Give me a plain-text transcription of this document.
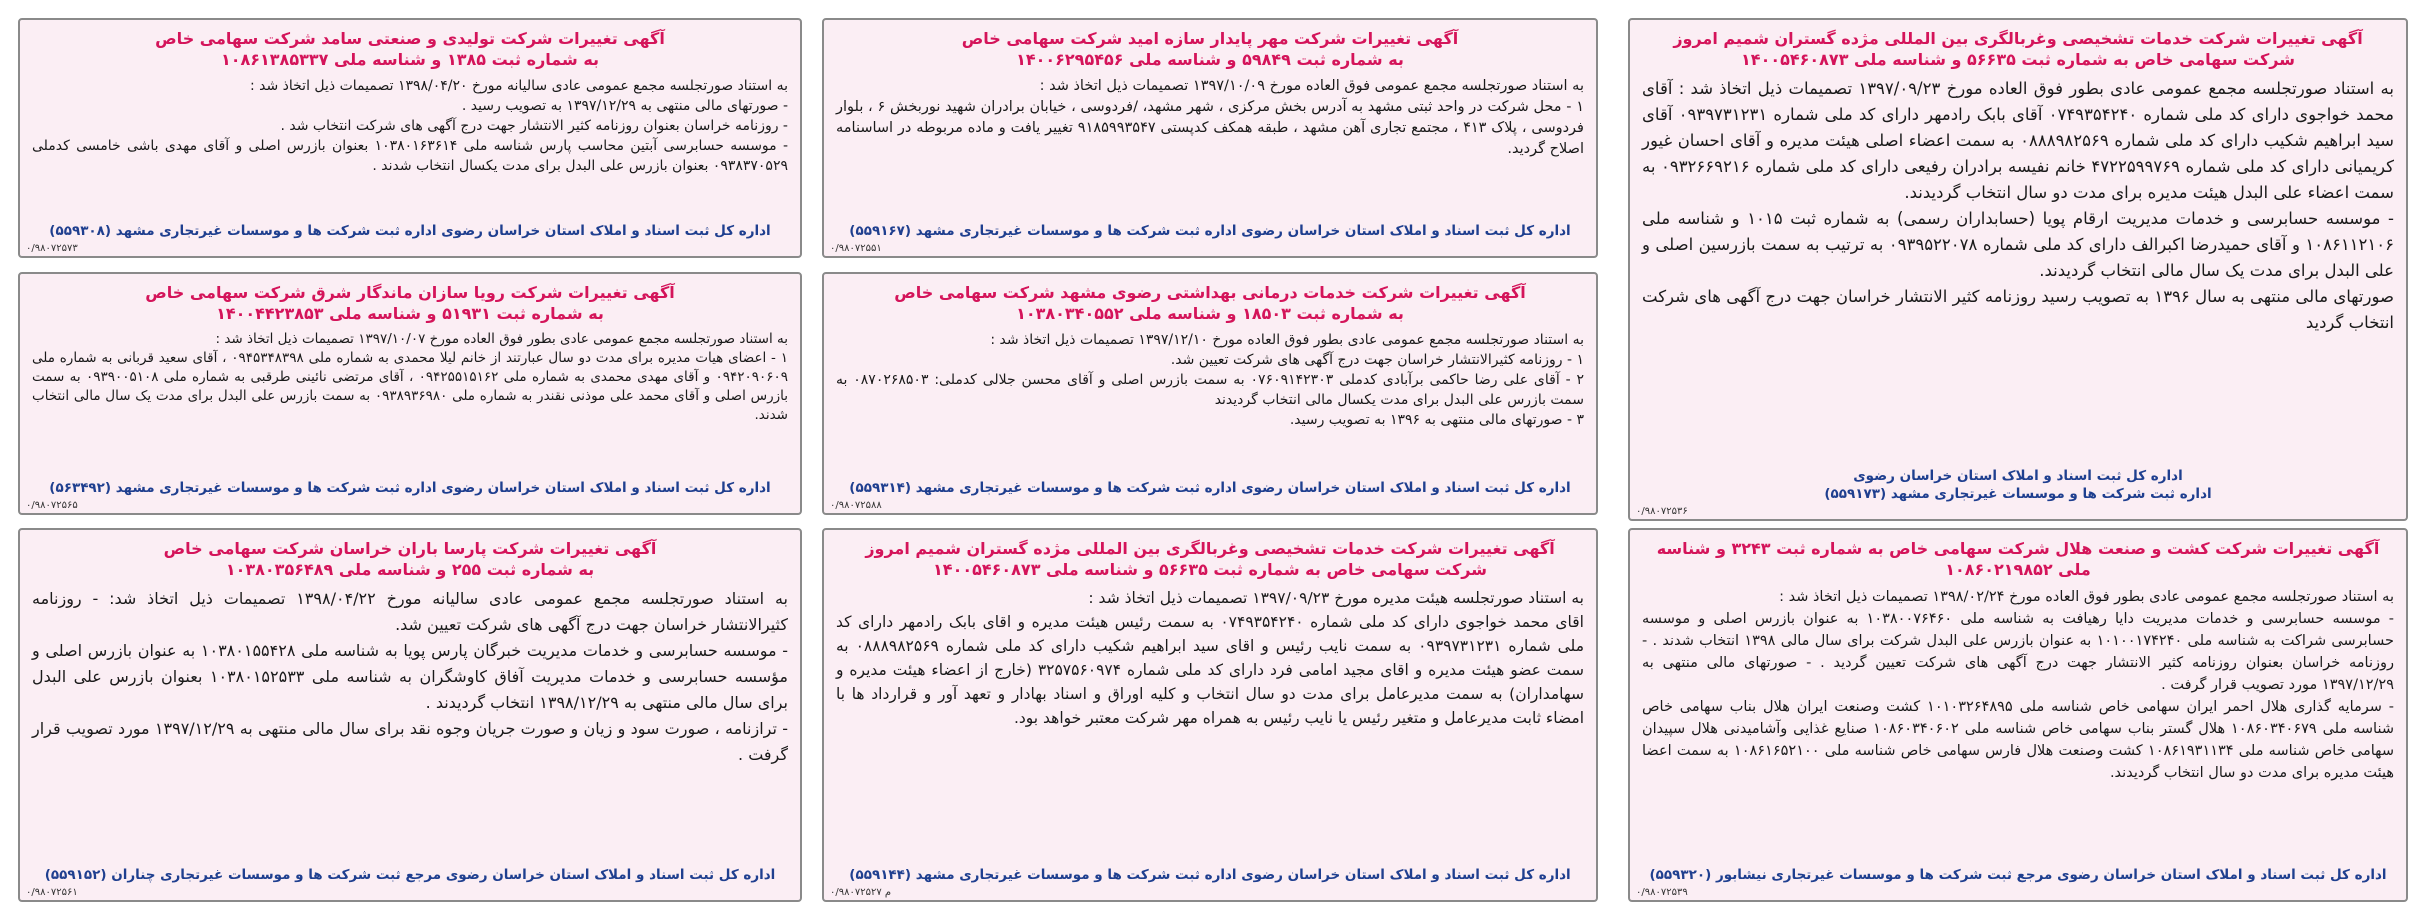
آگهی تغییرات شرکت خدمات تشخیصی وغربالگری بین المللی مژده گستران شمیم امروز
شرکت سهامی خاص به شماره ثبت ۵۶۶۳۵ و شناسه ملی ۱۴۰۰۵۴۶۰۸۷۳
به استناد صورتجلسه مجمع عمومی عادی بطور فوق العاده مورخ ۱۳۹۷/۰۹/۲۳ تصمیمات ذیل اتخاذ شد : آقای محمد خواجوی دارای کد ملی شماره ۰۷۴۹۳۵۴۲۴۰ آقای بابک رادمهر دارای کد ملی شماره ۰۹۳۹۷۳۱۲۳۱ آقای سید ابراهیم شکیب دارای کد ملی شماره ۰۸۸۸۹۸۲۵۶۹ به سمت اعضاء اصلی هیئت مدیره و آقای احسان غیور کریمیانی دارای کد ملی شماره ۴۷۲۲۵۹۹۷۶۹ خانم نفیسه برادران رفیعی دارای کد ملی شماره ۰۹۳۲۶۶۹۲۱۶ به سمت اعضاء علی البدل هیئت مدیره برای مدت دو سال انتخاب گردیدند.
- موسسه حسابرسی و خدمات مدیریت ارقام پویا (حسابداران رسمی) به شماره ثبت ۱۰۱۵ و شناسه ملی ۱۰۸۶۱۱۲۱۰۶ و آقای حمیدرضا اکبرالف دارای کد ملی شماره ۰۹۳۹۵۲۲۰۷۸ به ترتیب به سمت بازرسین اصلی و علی البدل برای مدت یک سال مالی انتخاب گردیدند.
صورتهای مالی منتهی به سال ۱۳۹۶ به تصویب رسید روزنامه کثیر الانتشار خراسان جهت درج آگهی های شرکت انتخاب گردید
اداره کل ثبت اسناد و املاک استان خراسان رضوی
اداره ثبت شرکت ها و موسسات غیرتجاری مشهد (۵۵۹۱۷۳)
۰/۹۸۰۷۲۵۳۶
آگهی تغییرات شرکت مهر پایدار سازه امید شرکت سهامی خاص
به شماره ثبت ۵۹۸۴۹ و شناسه ملی ۱۴۰۰۶۲۹۵۴۵۶
به استناد صورتجلسه مجمع عمومی فوق العاده مورخ ۱۳۹۷/۱۰/۰۹ تصمیمات ذیل اتخاذ شد :
۱ - محل شرکت در واحد ثبتی مشهد به آدرس بخش مرکزی ، شهر مشهد، /فردوسی ، خیابان برادران شهید نوربخش ۶ ، بلوار فردوسی ، پلاک ۴۱۳ ، مجتمع تجاری آهن مشهد ، طبقه همکف کدپستی ۹۱۸۵۹۹۳۵۴۷ تغییر یافت و ماده مربوطه در اساسنامه اصلاح گردید.
اداره کل ثبت اسناد و املاک استان خراسان رضوی اداره ثبت شرکت ها و موسسات غیرتجاری مشهد (۵۵۹۱۶۷)
۰/۹۸۰۷۲۵۵۱
آگهی تغییرات شرکت تولیدی و صنعتی سامد شرکت سهامی خاص
به شماره ثبت ۱۳۸۵ و شناسه ملی ۱۰۸۶۱۳۸۵۳۳۷
به استناد صورتجلسه مجمع عمومی عادی سالیانه مورخ ۱۳۹۸/۰۴/۲۰ تصمیمات ذیل اتخاذ شد :
- صورتهای مالی منتهی به ۱۳۹۷/۱۲/۲۹ به تصویب رسید .
- روزنامه خراسان بعنوان روزنامه کثیر الانتشار جهت درج آگهی های شرکت انتخاب شد .
- موسسه حسابرسی آبتین محاسب پارس شناسه ملی ۱۰۳۸۰۱۶۳۶۱۴ بعنوان بازرس اصلی و آقای مهدی باشی خامسی کدملی ۰۹۳۸۳۷۰۵۲۹ بعنوان بازرس علی البدل برای مدت یکسال انتخاب شدند .
اداره کل ثبت اسناد و املاک استان خراسان رضوی اداره ثبت شرکت ها و موسسات غیرتجاری مشهد (۵۵۹۳۰۸)
۰/۹۸۰۷۲۵۷۳
آگهی تغییرات شرکت خدمات درمانی بهداشتی رضوی مشهد شرکت سهامی خاص
به شماره ثبت ۱۸۵۰۳ و شناسه ملی ۱۰۳۸۰۳۴۰۵۵۲
به استناد صورتجلسه مجمع عمومی عادی بطور فوق العاده مورخ ۱۳۹۷/۱۲/۱۰ تصمیمات ذیل اتخاذ شد :
۱ - روزنامه کثیرالانتشار خراسان جهت درج آگهی های شرکت تعیین شد.
۲ - آقای علی رضا حاکمی برآبادی کدملی ۰۷۶۰۹۱۴۲۳۰۳ به سمت بازرس اصلی و آقای محسن جلالی کدملی: ۰۸۷۰۲۶۸۵۰۳ به سمت بازرس علی البدل برای مدت یکسال مالی انتخاب گردیدند
۳ - صورتهای مالی منتهی به ۱۳۹۶ به تصویب رسید.
اداره کل ثبت اسناد و املاک استان خراسان رضوی اداره ثبت شرکت ها و موسسات غیرتجاری مشهد (۵۵۹۳۱۴)
۰/۹۸۰۷۲۵۸۸
آگهی تغییرات شرکت رویا سازان ماندگار شرق شرکت سهامی خاص
به شماره ثبت ۵۱۹۳۱ و شناسه ملی ۱۴۰۰۴۴۲۳۸۵۳
به استناد صورتجلسه مجمع عمومی عادی بطور فوق العاده مورخ ۱۳۹۷/۱۰/۰۷ تصمیمات ذیل اتخاذ شد :
۱ - اعضای هیات مدیره برای مدت دو سال عبارتند از خانم لیلا محمدی به شماره ملی ۰۹۴۵۳۴۸۳۹۸ ، آقای سعید قربانی به شماره ملی ۰۹۴۲۰۹۰۶۰۹ و آقای مهدی محمدی به شماره ملی ۰۹۴۲۵۵۱۵۱۶۲ ، آقای مرتضی نائینی طرقبی به شماره ملی ۰۹۳۹۰۰۵۱۰۸ به سمت بازرس اصلی و آقای محمد علی موذنی نقندر به شماره ملی ۰۹۳۸۹۳۶۹۸۰ به سمت بازرس علی البدل برای مدت یک سال مالی انتخاب شدند.
اداره کل ثبت اسناد و املاک استان خراسان رضوی اداره ثبت شرکت ها و موسسات غیرتجاری مشهد (۵۶۳۴۹۲)
۰/۹۸۰۷۲۵۶۵
آگهی تغییرات شرکت کشت و صنعت هلال شرکت سهامی خاص به شماره ثبت ۳۲۴۳ و شناسه ملی ۱۰۸۶۰۲۱۹۸۵۲
به استناد صورتجلسه مجمع عمومی عادی بطور فوق العاده مورخ ۱۳۹۸/۰۲/۲۴ تصمیمات ذیل اتخاذ شد :
- موسسه حسابرسی و خدمات مدیریت دایا رهیافت به شناسه ملی ۱۰۳۸۰۰۷۶۴۶۰ به عنوان بازرس اصلی و موسسه حسابرسی شراکت به شناسه ملی ۱۰۱۰۰۱۷۴۲۴۰ به عنوان بازرس علی البدل شرکت برای سال مالی ۱۳۹۸ انتخاب شدند . - روزنامه خراسان بعنوان روزنامه کثیر الانتشار جهت درج آگهی های شرکت تعیین گردید . - صورتهای مالی منتهی به ۱۳۹۷/۱۲/۲۹ مورد تصویب قرار گرفت .
- سرمایه گذاری هلال احمر ایران سهامی خاص شناسه ملی ۱۰۱۰۳۲۶۴۸۹۵ کشت وصنعت ایران هلال بناب سهامی خاص شناسه ملی ۱۰۸۶۰۳۴۰۶۷۹ هلال گستر بناب سهامی خاص شناسه ملی ۱۰۸۶۰۳۴۰۶۰۲ صنایع غذایی وآشامیدنی هلال سپیدان سهامی خاص شناسه ملی ۱۰۸۶۱۹۳۱۱۳۴ کشت وصنعت هلال فارس سهامی خاص شناسه ملی ۱۰۸۶۱۶۵۲۱۰۰ به سمت اعضا هیئت مدیره برای مدت دو سال انتخاب گردیدند.
اداره کل ثبت اسناد و املاک استان خراسان رضوی مرجع ثبت شرکت ها و موسسات غیرتجاری نیشابور (۵۵۹۳۲۰)
۰/۹۸۰۷۲۵۳۹
آگهی تغییرات شرکت خدمات تشخیصی وغربالگری بین المللی مژده گستران شمیم امروز
شرکت سهامی خاص به شماره ثبت ۵۶۶۳۵ و شناسه ملی ۱۴۰۰۵۴۶۰۸۷۳
به استناد صورتجلسه هیئت مدیره مورخ ۱۳۹۷/۰۹/۲۳ تصمیمات ذیل اتخاذ شد :
اقای محمد خواجوی دارای کد ملی شماره ۰۷۴۹۳۵۴۲۴۰ به سمت رئیس هیئت مدیره و اقای بابک رادمهر دارای کد ملی شماره ۰۹۳۹۷۳۱۲۳۱ به سمت نایب رئیس و اقای سید ابراهیم شکیب دارای کد ملی شماره ۰۸۸۸۹۸۲۵۶۹ به سمت عضو هیئت مدیره و اقای مجید امامی فرد دارای کد ملی شماره ۳۲۵۷۵۶۰۹۷۴ (خارج از اعضاء هیئت مدیره و سهامداران) به سمت مدیرعامل برای مدت دو سال انتخاب و کلیه اوراق و اسناد بهادار و تعهد آور و قرارداد ها با امضاء ثابت مدیرعامل و متغیر رئیس یا نایب رئیس به همراه مهر شرکت معتبر خواهد بود.
اداره کل ثبت اسناد و املاک استان خراسان رضوی اداره ثبت شرکت ها و موسسات غیرتجاری مشهد (۵۵۹۱۴۴)
۰/۹۸۰۷۲۵۲۷ م
آگهی تغییرات شرکت پارسا باران خراسان شرکت سهامی خاص
به شماره ثبت ۲۵۵ و شناسه ملی ۱۰۳۸۰۳۵۶۴۸۹
به استناد صورتجلسه مجمع عمومی عادی سالیانه مورخ ۱۳۹۸/۰۴/۲۲ تصمیمات ذیل اتخاذ شد: - روزنامه کثیرالانتشار خراسان جهت درج آگهی های شرکت تعیین شد.
- موسسه حسابرسی و خدمات مدیریت خبرگان پارس پویا به شناسه ملی ۱۰۳۸۰۱۵۵۴۲۸ به عنوان بازرس اصلی و مؤسسه حسابرسی و خدمات مدیریت آفاق کاوشگران به شناسه ملی ۱۰۳۸۰۱۵۲۵۳۳ بعنوان بازرس علی البدل برای سال مالی منتهی به ۱۳۹۸/۱۲/۲۹ انتخاب گردیدند .
- ترازنامه ، صورت سود و زیان و صورت جریان وجوه نقد برای سال مالی منتهی به ۱۳۹۷/۱۲/۲۹ مورد تصویب قرار گرفت .
اداره کل ثبت اسناد و املاک استان خراسان رضوی مرجع ثبت شرکت ها و موسسات غیرتجاری چناران (۵۵۹۱۵۲)
۰/۹۸۰۷۲۵۶۱
